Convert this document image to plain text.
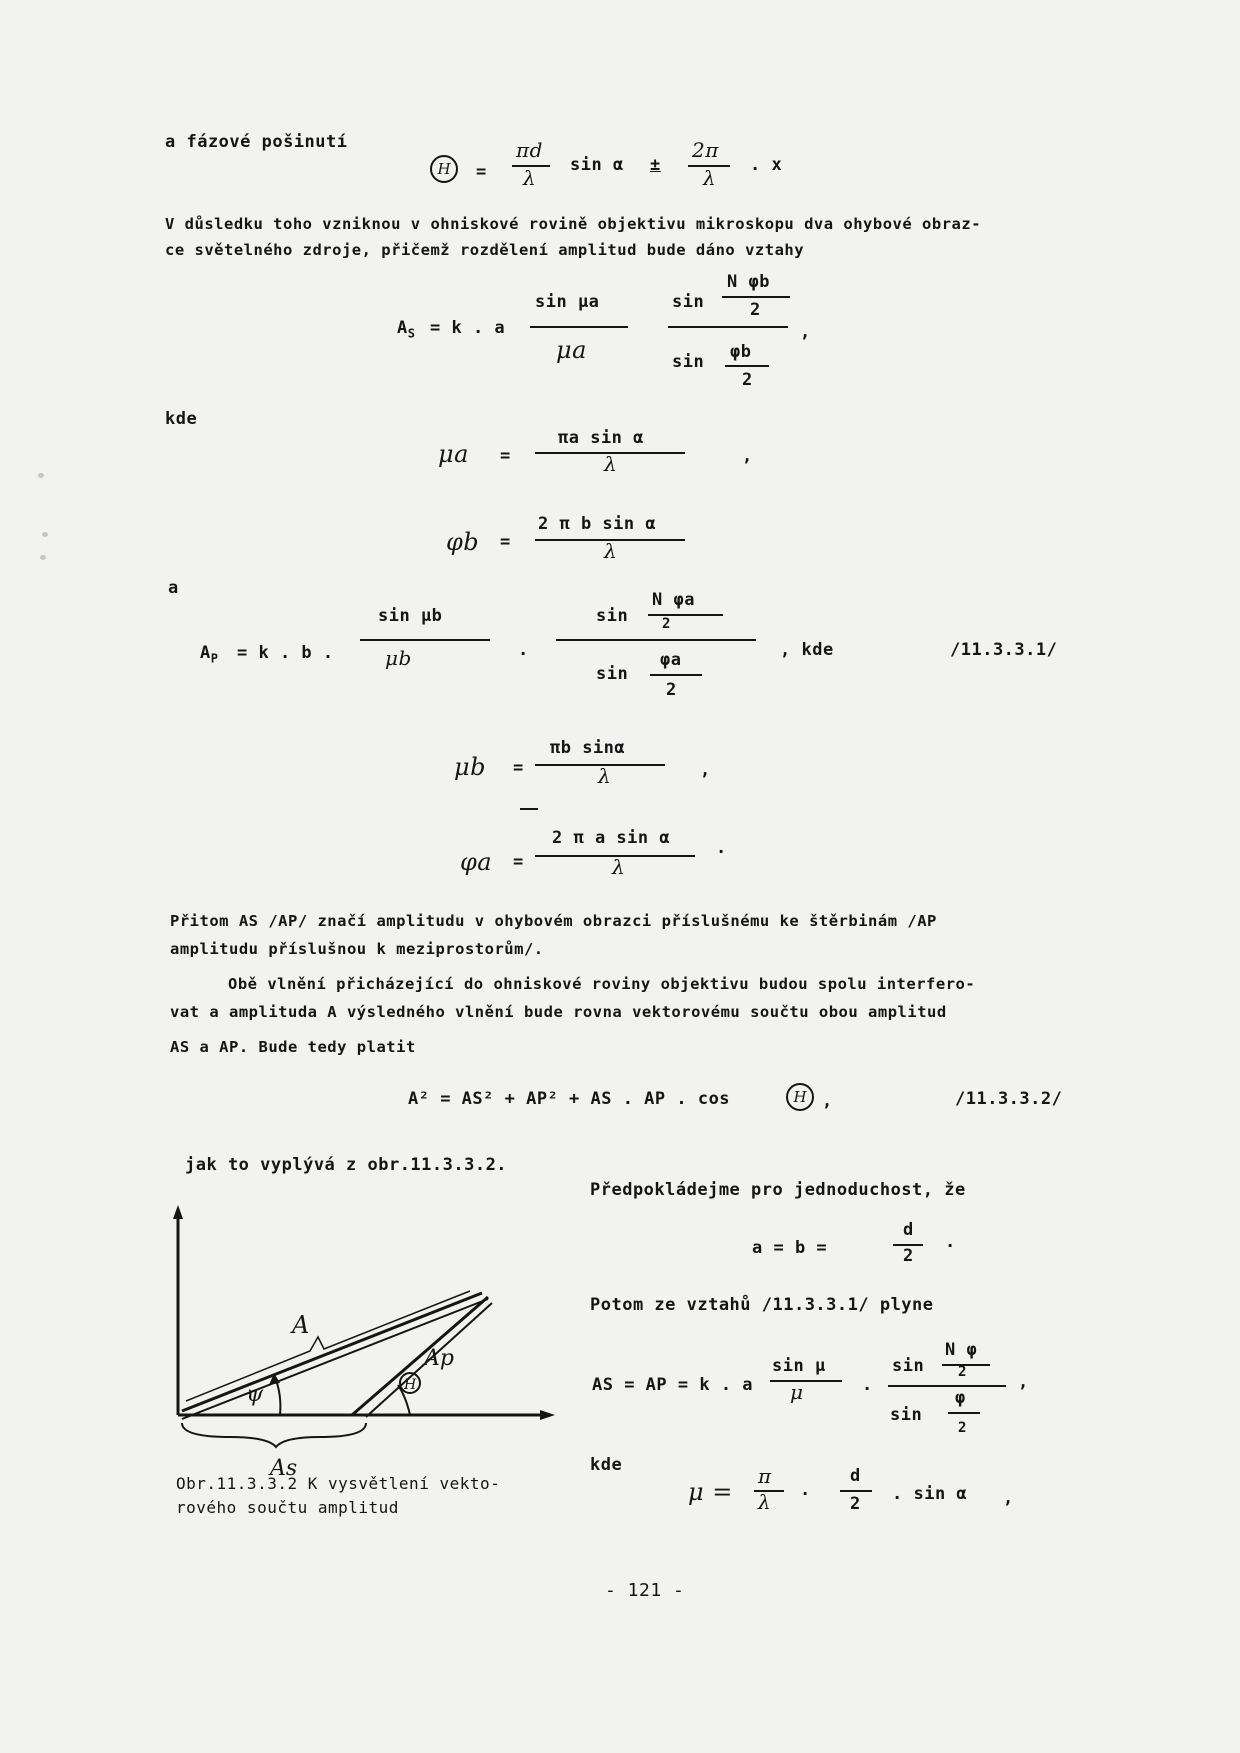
a fázové pošinutí
H	=
πd
λ
sin α ±
2π
λ
. x
V důsledku toho vzniknou v ohniskové rovině objektivu mikroskopu dva ohybové obraz-
ce světelného zdroje, přičemž rozdělení amplitud bude dáno vztahy
$A_S = k$ . a
sin μa
μa
sin
N φb
2
sin φb
2
,
kde
μa =
πa sin α
λ	,
φb =
2 π b sin α
λ
a
$A_P = k$ . b .
sin μb
μb	.
sin
N φa
2
sin
φa
2
, kde	/11.3.3.1/
μb =
πb sinα
λ	,
φa =
2 π a sin α
λ
.
Přitom AS /AP/ značí amplitudu v ohybovém obrazci příslušnému ke štěrbinám /AP
amplitudu příslušnou k meziprostorům/.
Obě vlnění přicházející do ohniskové roviny objektivu budou spolu interfero-
vat a amplituda A výsledného vlnění bude rovna vektorovému součtu obou amplitud
AS a AP. Bude tedy platit
A² = AS² + AP² + AS . AP . cos	H ,	/11.3.3.2/
jak to vyplývá z obr.11.3.3.2.
Předpokládejme pro jednoduchost, že
a = b =
d
2
.
Potom ze vztahů /11.3.3.1/ plyne
AS = AP = k . a
sin μ
μ	.
sin
N φ
2
sin
φ
2
,
kde
μ =
π
λ .
d
2 . sin α ,
A
Ap
As
ψ	H
Obr.11.3.3.2 K vysvětlení vekto-
rového součtu amplitud
- 121 -
